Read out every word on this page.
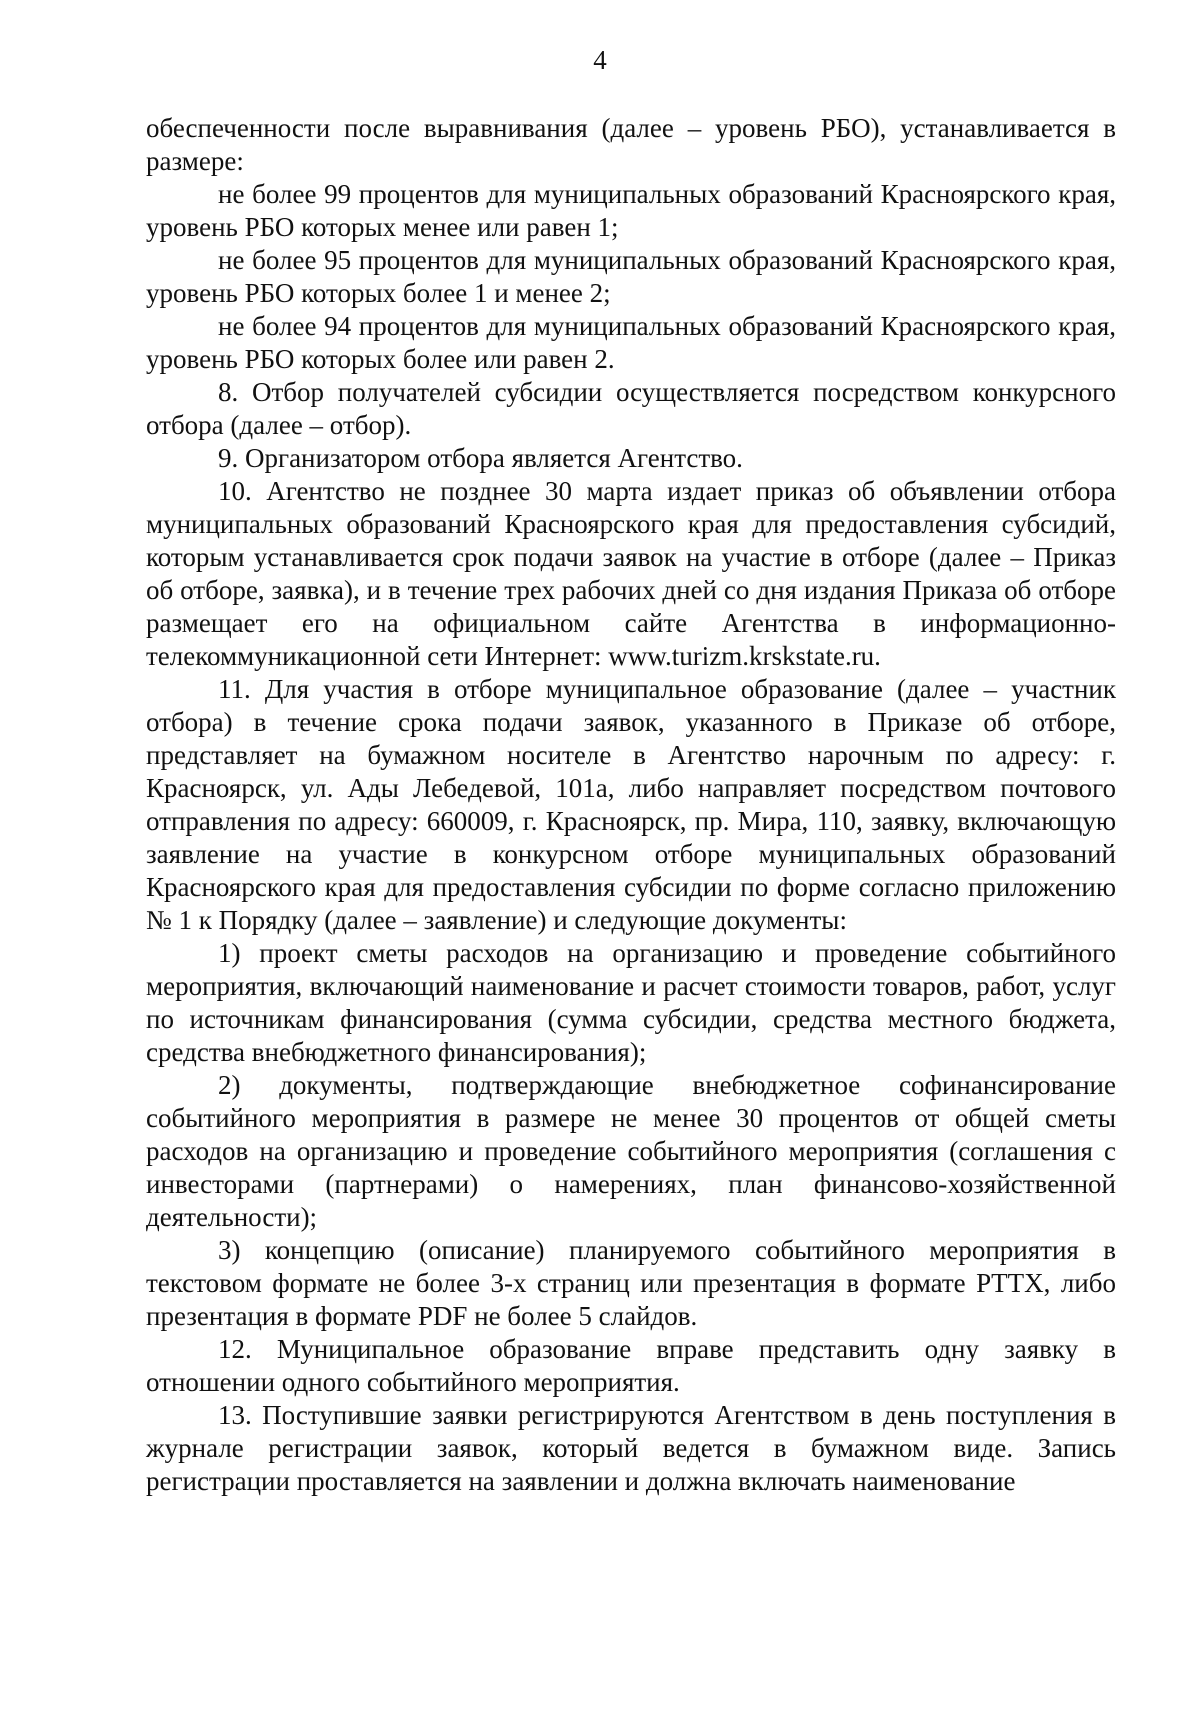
4

обеспеченности после выравнивания (далее – уровень РБО), устанавливается в размере:

не более 99 процентов для муниципальных образований Красноярского края, уровень РБО которых менее или равен 1;

не более 95 процентов для муниципальных образований Красноярского края, уровень РБО которых более 1 и менее 2;

не более 94 процентов для муниципальных образований Красноярского края, уровень РБО которых более или равен 2.

8. Отбор получателей субсидии осуществляется посредством конкурсного отбора (далее – отбор).

9. Организатором отбора является Агентство.

10. Агентство не позднее 30 марта издает приказ об объявлении отбора муниципальных образований Красноярского края для предоставления субсидий, которым устанавливается срок подачи заявок на участие в отборе (далее – Приказ об отборе, заявка), и в течение трех рабочих дней со дня издания Приказа об отборе размещает его на официальном сайте Агентства в информационно-телекоммуникационной сети Интернет: www.turizm.krskstate.ru.

11. Для участия в отборе муниципальное образование (далее – участник отбора) в течение срока подачи заявок, указанного в Приказе об отборе, представляет на бумажном носителе в Агентство нарочным по адресу: г. Красноярск, ул. Ады Лебедевой, 101а, либо направляет посредством почтового отправления по адресу: 660009, г. Красноярск, пр. Мира, 110, заявку, включающую заявление на участие в конкурсном отборе муниципальных образований Красноярского края для предоставления субсидии по форме согласно приложению № 1 к Порядку (далее – заявление) и следующие документы:

1) проект сметы расходов на организацию и проведение событийного мероприятия, включающий наименование и расчет стоимости товаров, работ, услуг по источникам финансирования (сумма субсидии, средства местного бюджета, средства внебюджетного финансирования);

2) документы, подтверждающие внебюджетное софинансирование событийного мероприятия в размере не менее 30 процентов от общей сметы расходов на организацию и проведение событийного мероприятия (соглашения с инвесторами (партнерами) о намерениях, план финансово-хозяйственной деятельности);

3) концепцию (описание) планируемого событийного мероприятия в текстовом формате не более 3-х страниц или презентация в формате PTTX, либо презентация в формате PDF не более 5 слайдов.

12. Муниципальное образование вправе представить одну заявку в отношении одного событийного мероприятия.

13. Поступившие заявки регистрируются Агентством в день поступления в журнале регистрации заявок, который ведется в бумажном виде. Запись регистрации проставляется на заявлении и должна включать наименование
